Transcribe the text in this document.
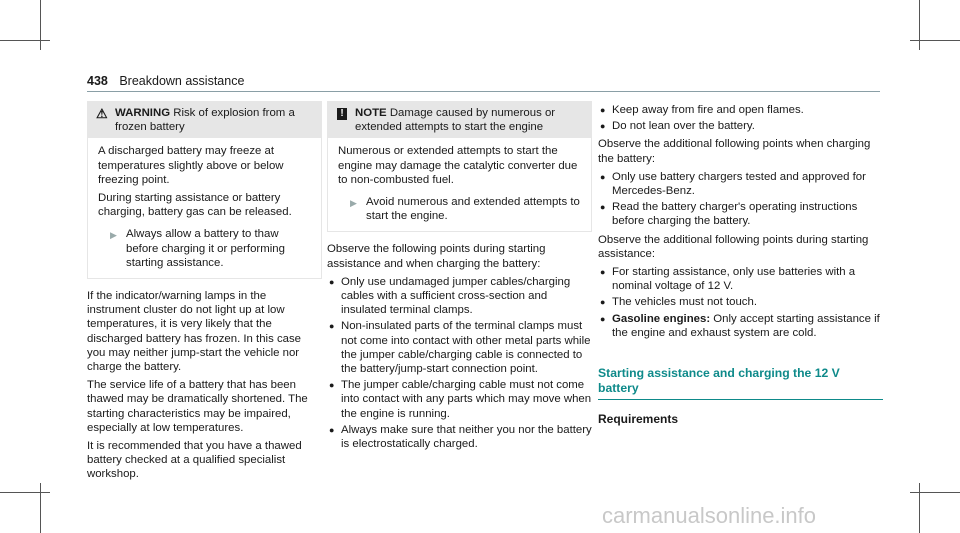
438 Breakdown assistance
⚠ WARNING Risk of explosion from a frozen battery

A discharged battery may freeze at temperatures slightly above or below freezing point.

During starting assistance or battery charging, battery gas can be released.

▶ Always allow a battery to thaw before charging it or performing starting assistance.

If the indicator/warning lamps in the instrument cluster do not light up at low temperatures, it is very likely that the discharged battery has frozen. In this case you may neither jump-start the vehicle nor charge the battery.

The service life of a battery that has been thawed may be dramatically shortened. The starting characteristics may be impaired, especially at low temperatures.

It is recommended that you have a thawed battery checked at a qualified specialist workshop.

! NOTE Damage caused by numerous or extended attempts to start the engine

Numerous or extended attempts to start the engine may damage the catalytic converter due to non-combusted fuel.

▶ Avoid numerous and extended attempts to start the engine.

Observe the following points during starting assistance and when charging the battery:

● Only use undamaged jumper cables/charging cables with a sufficient cross-section and insulated terminal clamps.
● Non-insulated parts of the terminal clamps must not come into contact with other metal parts while the jumper cable/charging cable is connected to the battery/jump-start connection point.
● The jumper cable/charging cable must not come into contact with any parts which may move when the engine is running.
● Always make sure that neither you nor the battery is electrostatically charged.
● Keep away from fire and open flames.
● Do not lean over the battery.

Observe the additional following points when charging the battery:

● Only use battery chargers tested and approved for Mercedes-Benz.
● Read the battery charger's operating instructions before charging the battery.

Observe the additional following points during starting assistance:

● For starting assistance, only use batteries with a nominal voltage of 12 V.
● The vehicles must not touch.
● Gasoline engines: Only accept starting assistance if the engine and exhaust system are cold.
Starting assistance and charging the 12 V battery
Requirements
carmanualsonline.info
